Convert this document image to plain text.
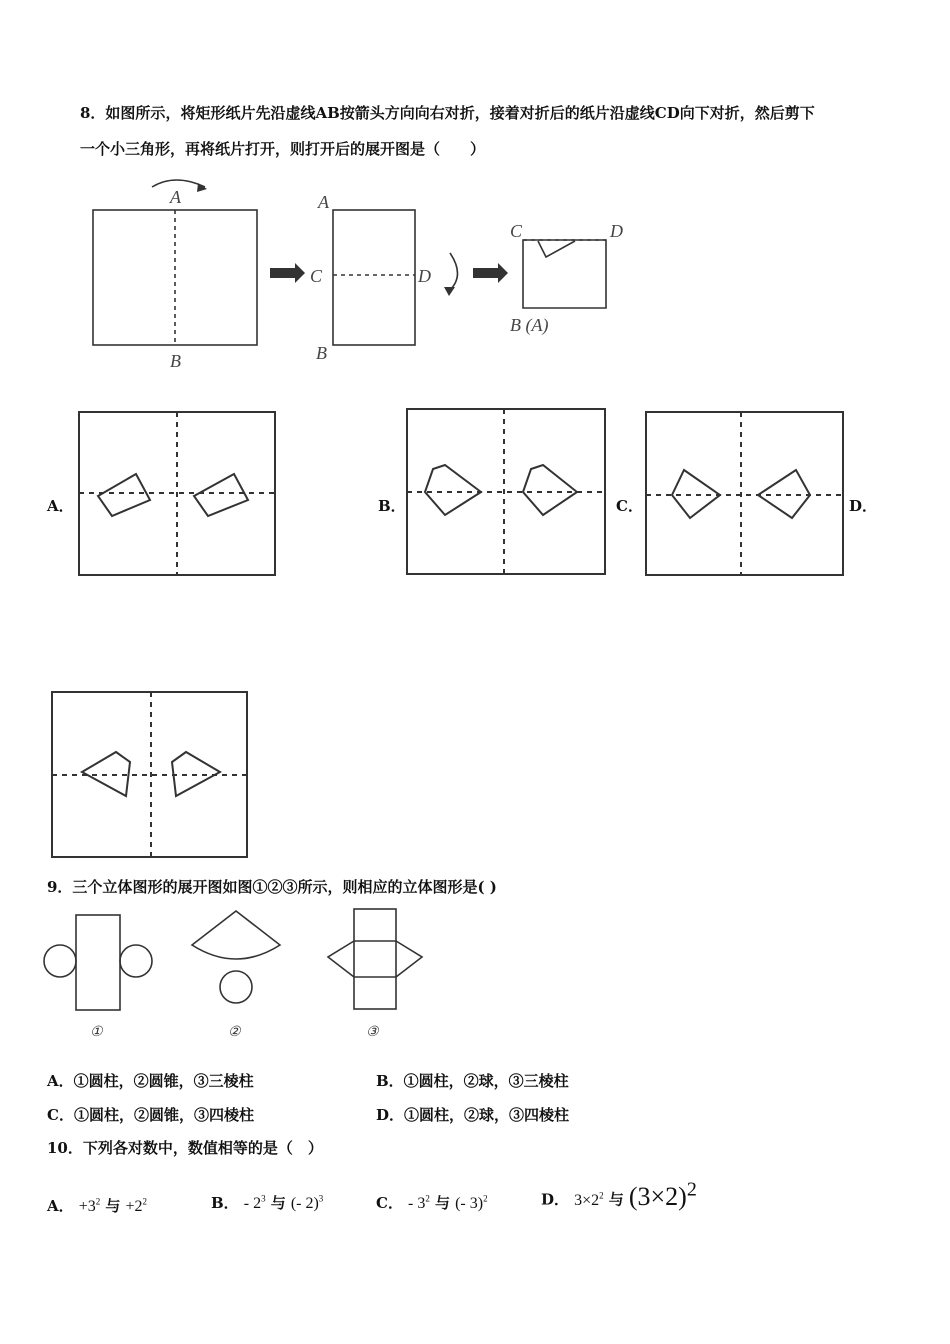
8．如图所示，将矩形纸片先沿虚线AB按箭头方向向右对折，接着对折后的纸片沿虚线CD向下对折，然后剪下
一个小三角形，再将纸片打开，则打开后的展开图是（　　）
A
B
A
C	D
B
C	D
B (A)
A．	B．	C．	D．
9．三个立体图形的展开图如图①②③所示，则相应的立体图形是( )
①	②	③
A．①圆柱，②圆锥，③三棱柱	B．①圆柱，②球，③三棱柱
C．①圆柱，②圆锥，③四棱柱	D．①圆柱，②球，③四棱柱
10．下列各对数中，数值相等的是（　）
A． $+3^2$ 与 $+2^2$	B． - $2^3$ 与 (- 2)$^3$	C． - $3^2$ 与 (- 3)$^2$	D． $3\times 2^2$ 与 $(3\times 2)^2$
